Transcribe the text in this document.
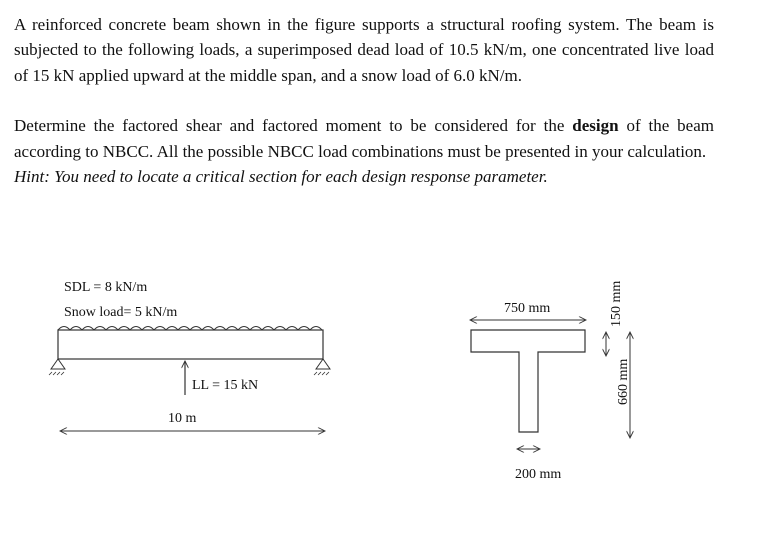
A reinforced concrete beam shown in the figure supports a structural roofing system. The beam is subjected to the following loads, a superimposed dead load of 10.5 kN/m, one concentrated live load of 15 kN applied upward at the middle span, and a snow load of 6.0 kN/m.

Determine the factored shear and factored moment to be considered for the design of the beam according to NBCC. All the possible NBCC load combinations must be presented in your calculation.

Hint: You need to locate a critical section for each design response parameter.

SDL = 8 kN/m
Snow load= 5 kN/m
LL = 15 kN
10 m
750 mm
200 mm
150 mm
660 mm
